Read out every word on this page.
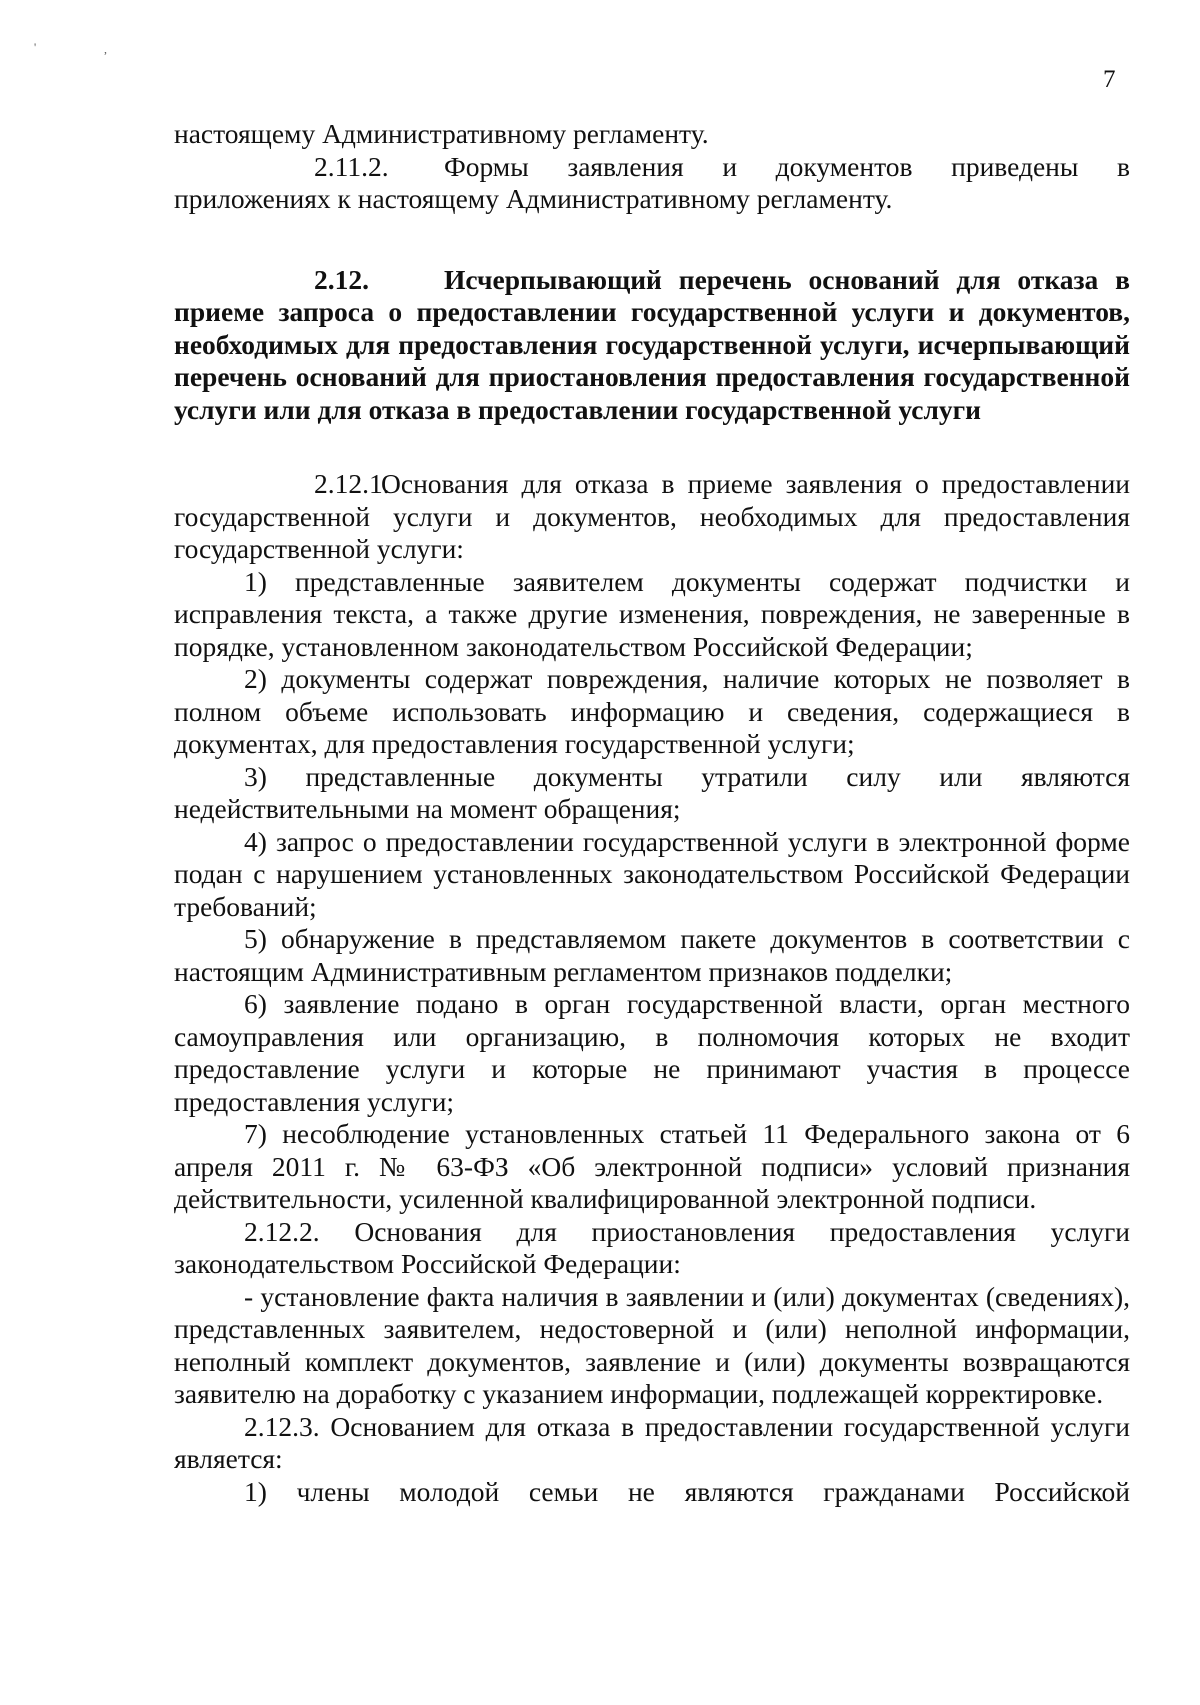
'	,
7

настоящему Административному регламенту.

2.11.2. Формы заявления и документов приведены в приложениях к настоящему Административному регламенту.

2.12.	Исчерпывающий перечень оснований для отказа в приеме запроса о предоставлении государственной услуги и документов, необходимых для предоставления государственной услуги, исчерпывающий перечень оснований для приостановления предоставления государственной услуги или для отказа в предоставлении государственной услуги

2.12.1.Основания для отказа в приеме заявления о предоставлении государственной услуги и документов, необходимых для предоставления государственной услуги:

1) представленные заявителем документы содержат подчистки и исправления текста, а также другие изменения, повреждения, не заверенные в порядке, установленном законодательством Российской Федерации;

2) документы содержат повреждения, наличие которых не позволяет в полном объеме использовать информацию и сведения, содержащиеся в документах, для предоставления государственной услуги;

3) представленные документы утратили силу или являются недействительными на момент обращения;

4) запрос о предоставлении государственной услуги в электронной форме подан с нарушением установленных законодательством Российской Федерации требований;

5) обнаружение в представляемом пакете документов в соответствии с настоящим Административным регламентом признаков подделки;

6) заявление подано в орган государственной власти, орган местного самоуправления или организацию, в полномочия которых не входит предоставление услуги и которые не принимают участия в процессе предоставления услуги;

7) несоблюдение установленных статьей 11 Федерального закона от 6 апреля 2011 г. № 63-ФЗ «Об электронной подписи» условий признания действительности, усиленной квалифицированной электронной подписи.

2.12.2. Основания для приостановления предоставления услуги законодательством Российской Федерации:

- установление факта наличия в заявлении и (или) документах (сведениях), представленных заявителем, недостоверной и (или) неполной информации, неполный комплект документов, заявление и (или) документы возвращаются заявителю на доработку с указанием информации, подлежащей корректировке.

2.12.3. Основанием для отказа в предоставлении государственной услуги является:

1) члены молодой семьи не являются гражданами Российской
